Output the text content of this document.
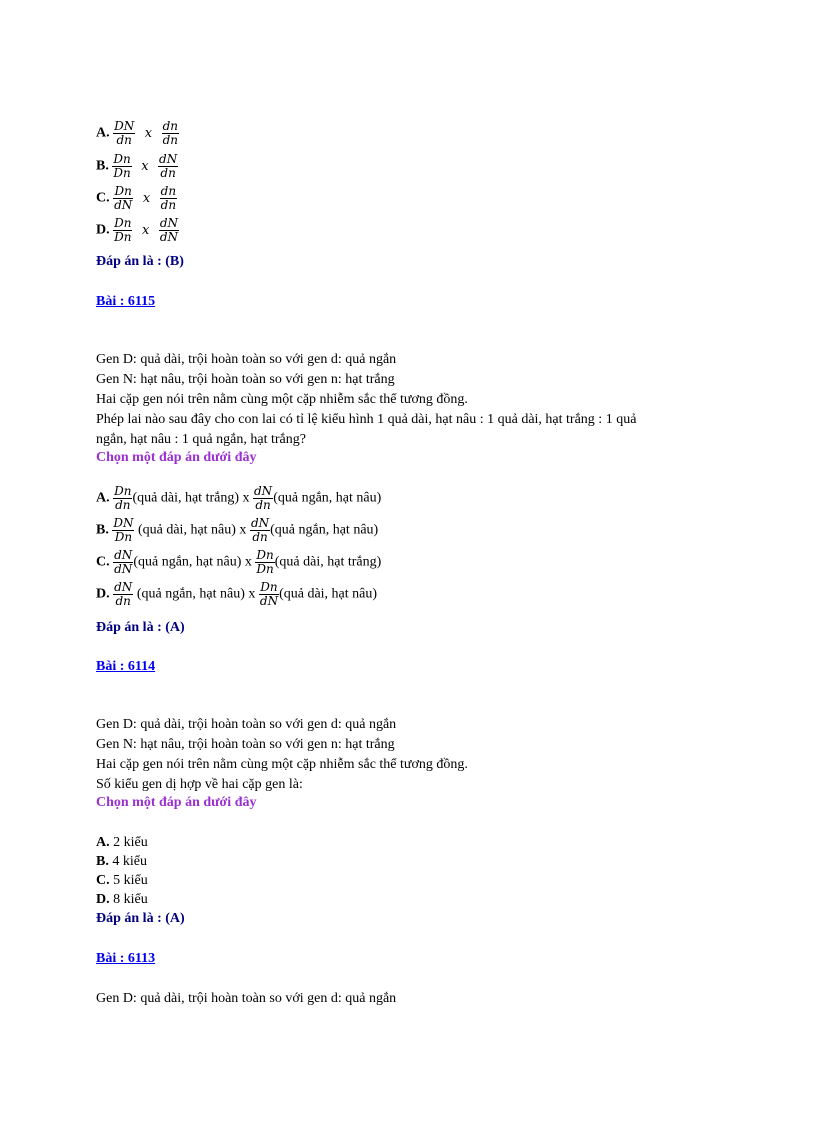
A. $\frac{DN}{dn}$ x $\frac{dn}{dn}$
B. $\frac{Dn}{Dn}$ x $\frac{dN}{dn}$
C. $\frac{Dn}{dN}$ x $\frac{dn}{dn}$
D. $\frac{Dn}{Dn}$ x $\frac{dN}{dN}$
Đáp án là : (B)
Bài : 6115
Gen D: quả dài, trội hoàn toàn so với gen d: quả ngắn
Gen N: hạt nâu, trội hoàn toàn so với gen n: hạt trắng
Hai cặp gen nói trên nằm cùng một cặp nhiễm sắc thể tương đồng.
Phép lai nào sau đây cho con lai có tỉ lệ kiểu hình 1 quả dài, hạt nâu : 1 quả dài, hạt trắng : 1 quả
ngắn, hạt nâu : 1 quả ngắn, hạt trắng?
Chọn một đáp án dưới đây
A. $\frac{Dn}{dn}$ (quả dài, hạt trắng) x $\frac{dN}{dn}$ (quả ngắn, hạt nâu)
B. $\frac{DN}{Dn}$ (quả dài, hạt nâu) x $\frac{dN}{dn}$ (quả ngắn, hạt nâu)
C. $\frac{dN}{dN}$ (quả ngắn, hạt nâu) x $\frac{Dn}{Dn}$ (quả dài, hạt trắng)
D. $\frac{dN}{dn}$ (quả ngắn, hạt nâu) x $\frac{Dn}{dN}$ (quả dài, hạt nâu)
Đáp án là : (A)
Bài : 6114
Gen D: quả dài, trội hoàn toàn so với gen d: quả ngắn
Gen N: hạt nâu, trội hoàn toàn so với gen n: hạt trắng
Hai cặp gen nói trên nằm cùng một cặp nhiễm sắc thể tương đồng.
Số kiểu gen dị hợp về hai cặp gen là:
Chọn một đáp án dưới đây
A. 2 kiểu
B. 4 kiểu
C. 5 kiểu
D. 8 kiểu
Đáp án là : (A)
Bài : 6113
Gen D: quả dài, trội hoàn toàn so với gen d: quả ngắn
